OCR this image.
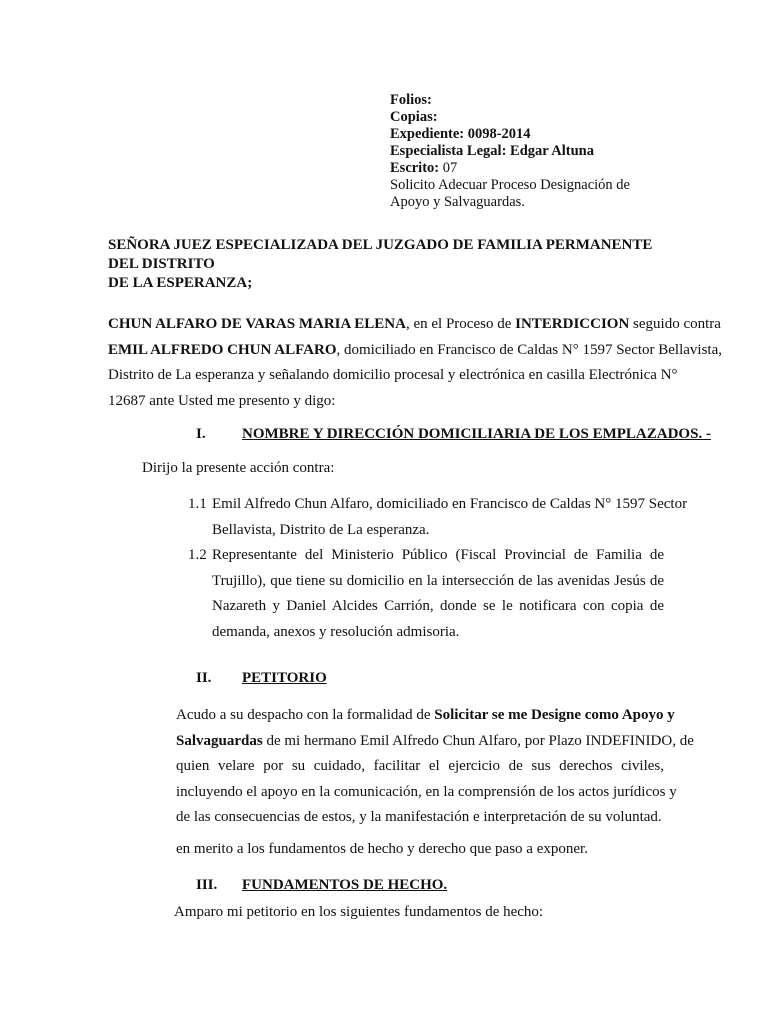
Folios:
Copias:
Expediente: 0098-2014
Especialista Legal: Edgar Altuna
Escrito: 07
Solicito Adecuar Proceso Designación de
Apoyo y Salvaguardas.
SEÑORA JUEZ ESPECIALIZADA DEL JUZGADO DE FAMILIA PERMANENTE DEL DISTRITO
DE LA ESPERANZA;
CHUN ALFARO DE VARAS MARIA ELENA, en el Proceso de INTERDICCION seguido contra
EMIL ALFREDO CHUN ALFARO, domiciliado en Francisco de Caldas N° 1597 Sector Bellavista,
Distrito de La esperanza y señalando domicilio procesal y electrónica en casilla Electrónica N°
12687 ante Usted me presento y digo:
I. NOMBRE Y DIRECCIÓN DOMICILIARIA DE LOS EMPLAZADOS. -
Dirijo la presente acción contra:
1.1 Emil Alfredo Chun Alfaro, domiciliado en Francisco de Caldas N° 1597 Sector
Bellavista, Distrito de La esperanza.
1.2 Representante del Ministerio Público (Fiscal Provincial de Familia de
Trujillo), que tiene su domicilio en la intersección de las avenidas Jesús de
Nazareth y Daniel Alcides Carrión, donde se le notificara con copia de
demanda, anexos y resolución admisoria.
II. PETITORIO
Acudo a su despacho con la formalidad de Solicitar se me Designe como Apoyo y
Salvaguardas de mi hermano Emil Alfredo Chun Alfaro, por Plazo INDEFINIDO, de
quien velare por su cuidado, facilitar el ejercicio de sus derechos civiles,
incluyendo el apoyo en la comunicación, en la comprensión de los actos jurídicos y
de las consecuencias de estos, y la manifestación e interpretación de su voluntad.
en merito a los fundamentos de hecho y derecho que paso a exponer.
III. FUNDAMENTOS DE HECHO.
Amparo mi petitorio en los siguientes fundamentos de hecho:
